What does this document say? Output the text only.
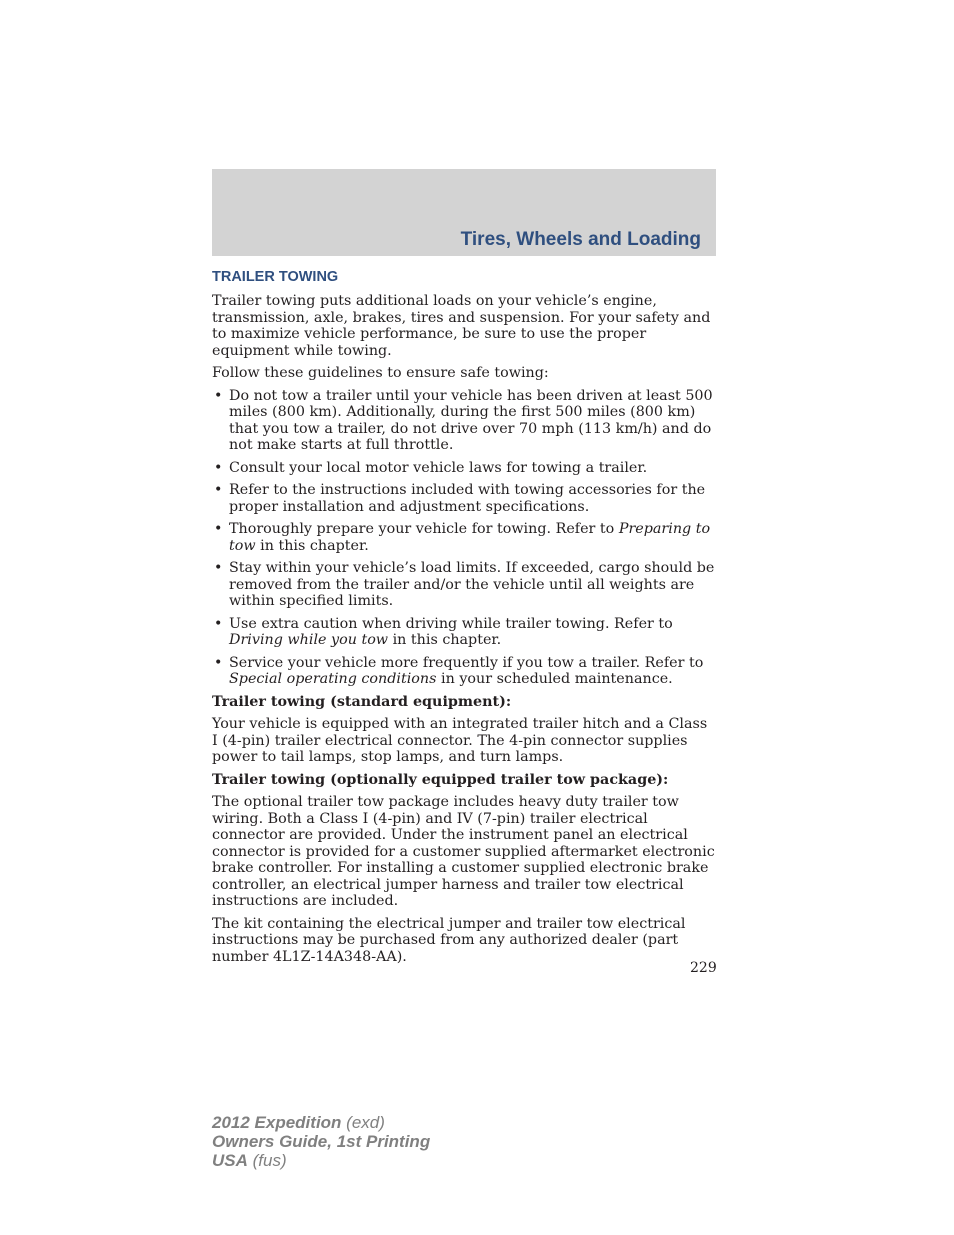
Tires, Wheels and Loading
TRAILER TOWING

Trailer towing puts additional loads on your vehicle’s engine, transmission, axle, brakes, tires and suspension. For your safety and to maximize vehicle performance, be sure to use the proper equipment while towing.

Follow these guidelines to ensure safe towing:

• Do not tow a trailer until your vehicle has been driven at least 500 miles (800 km). Additionally, during the first 500 miles (800 km) that you tow a trailer, do not drive over 70 mph (113 km/h) and do not make starts at full throttle.
• Consult your local motor vehicle laws for towing a trailer.
• Refer to the instructions included with towing accessories for the proper installation and adjustment specifications.
• Thoroughly prepare your vehicle for towing. Refer to Preparing to tow in this chapter.
• Stay within your vehicle’s load limits. If exceeded, cargo should be removed from the trailer and/or the vehicle until all weights are within specified limits.
• Use extra caution when driving while trailer towing. Refer to Driving while you tow in this chapter.
• Service your vehicle more frequently if you tow a trailer. Refer to Special operating conditions in your scheduled maintenance.

Trailer towing (standard equipment):

Your vehicle is equipped with an integrated trailer hitch and a Class I (4-pin) trailer electrical connector. The 4-pin connector supplies power to tail lamps, stop lamps, and turn lamps.

Trailer towing (optionally equipped trailer tow package):

The optional trailer tow package includes heavy duty trailer tow wiring. Both a Class I (4-pin) and IV (7-pin) trailer electrical connector are provided. Under the instrument panel an electrical connector is provided for a customer supplied aftermarket electronic brake controller. For installing a customer supplied electronic brake controller, an electrical jumper harness and trailer tow electrical instructions are included.

The kit containing the electrical jumper and trailer tow electrical instructions may be purchased from any authorized dealer (part number 4L1Z-14A348-AA).

229
2012 Expedition (exd)
Owners Guide, 1st Printing
USA (fus)
